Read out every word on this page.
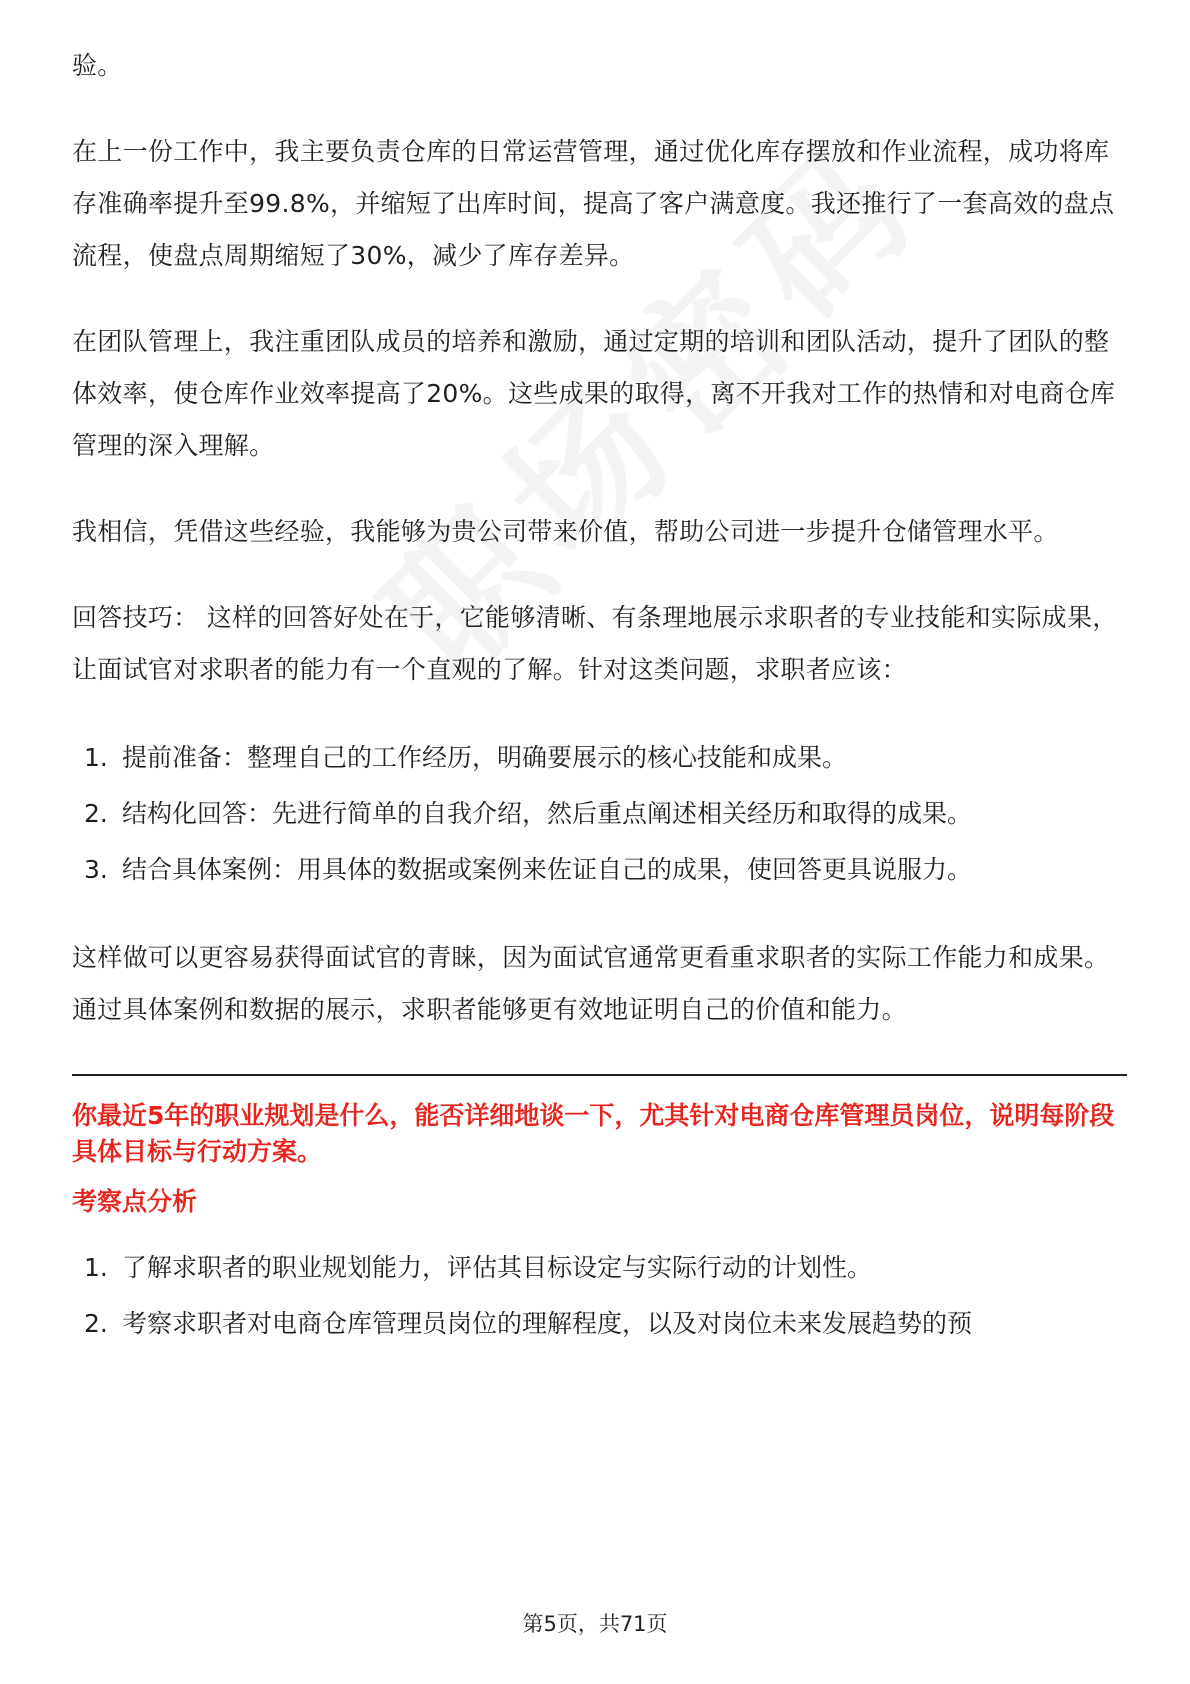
验。

在上一份工作中，我主要负责仓库的日常运营管理，通过优化库存摆放和作业流程，成功将库存准确率提升至99.8%，并缩短了出库时间，提高了客户满意度。我还推行了一套高效的盘点流程，使盘点周期缩短了30%，减少了库存差异。

在团队管理上，我注重团队成员的培养和激励，通过定期的培训和团队活动，提升了团队的整体效率，使仓库作业效率提高了20%。这些成果的取得，离不开我对工作的热情和对电商仓库管理的深入理解。

我相信，凭借这些经验，我能够为贵公司带来价值，帮助公司进一步提升仓储管理水平。

回答技巧： 这样的回答好处在于，它能够清晰、有条理地展示求职者的专业技能和实际成果，让面试官对求职者的能力有一个直观的了解。针对这类问题，求职者应该：

1. 提前准备：整理自己的工作经历，明确要展示的核心技能和成果。
2. 结构化回答：先进行简单的自我介绍，然后重点阐述相关经历和取得的成果。
3. 结合具体案例：用具体的数据或案例来佐证自己的成果，使回答更具说服力。

这样做可以更容易获得面试官的青睐，因为面试官通常更看重求职者的实际工作能力和成果。通过具体案例和数据的展示，求职者能够更有效地证明自己的价值和能力。

你最近5年的职业规划是什么，能否详细地谈一下，尤其针对电商仓库管理员岗位，说明每阶段具体目标与行动方案。
考察点分析
1. 了解求职者的职业规划能力，评估其目标设定与实际行动的计划性。
2. 考察求职者对电商仓库管理员岗位的理解程度，以及对岗位未来发展趋势的预
第5页，共71页
